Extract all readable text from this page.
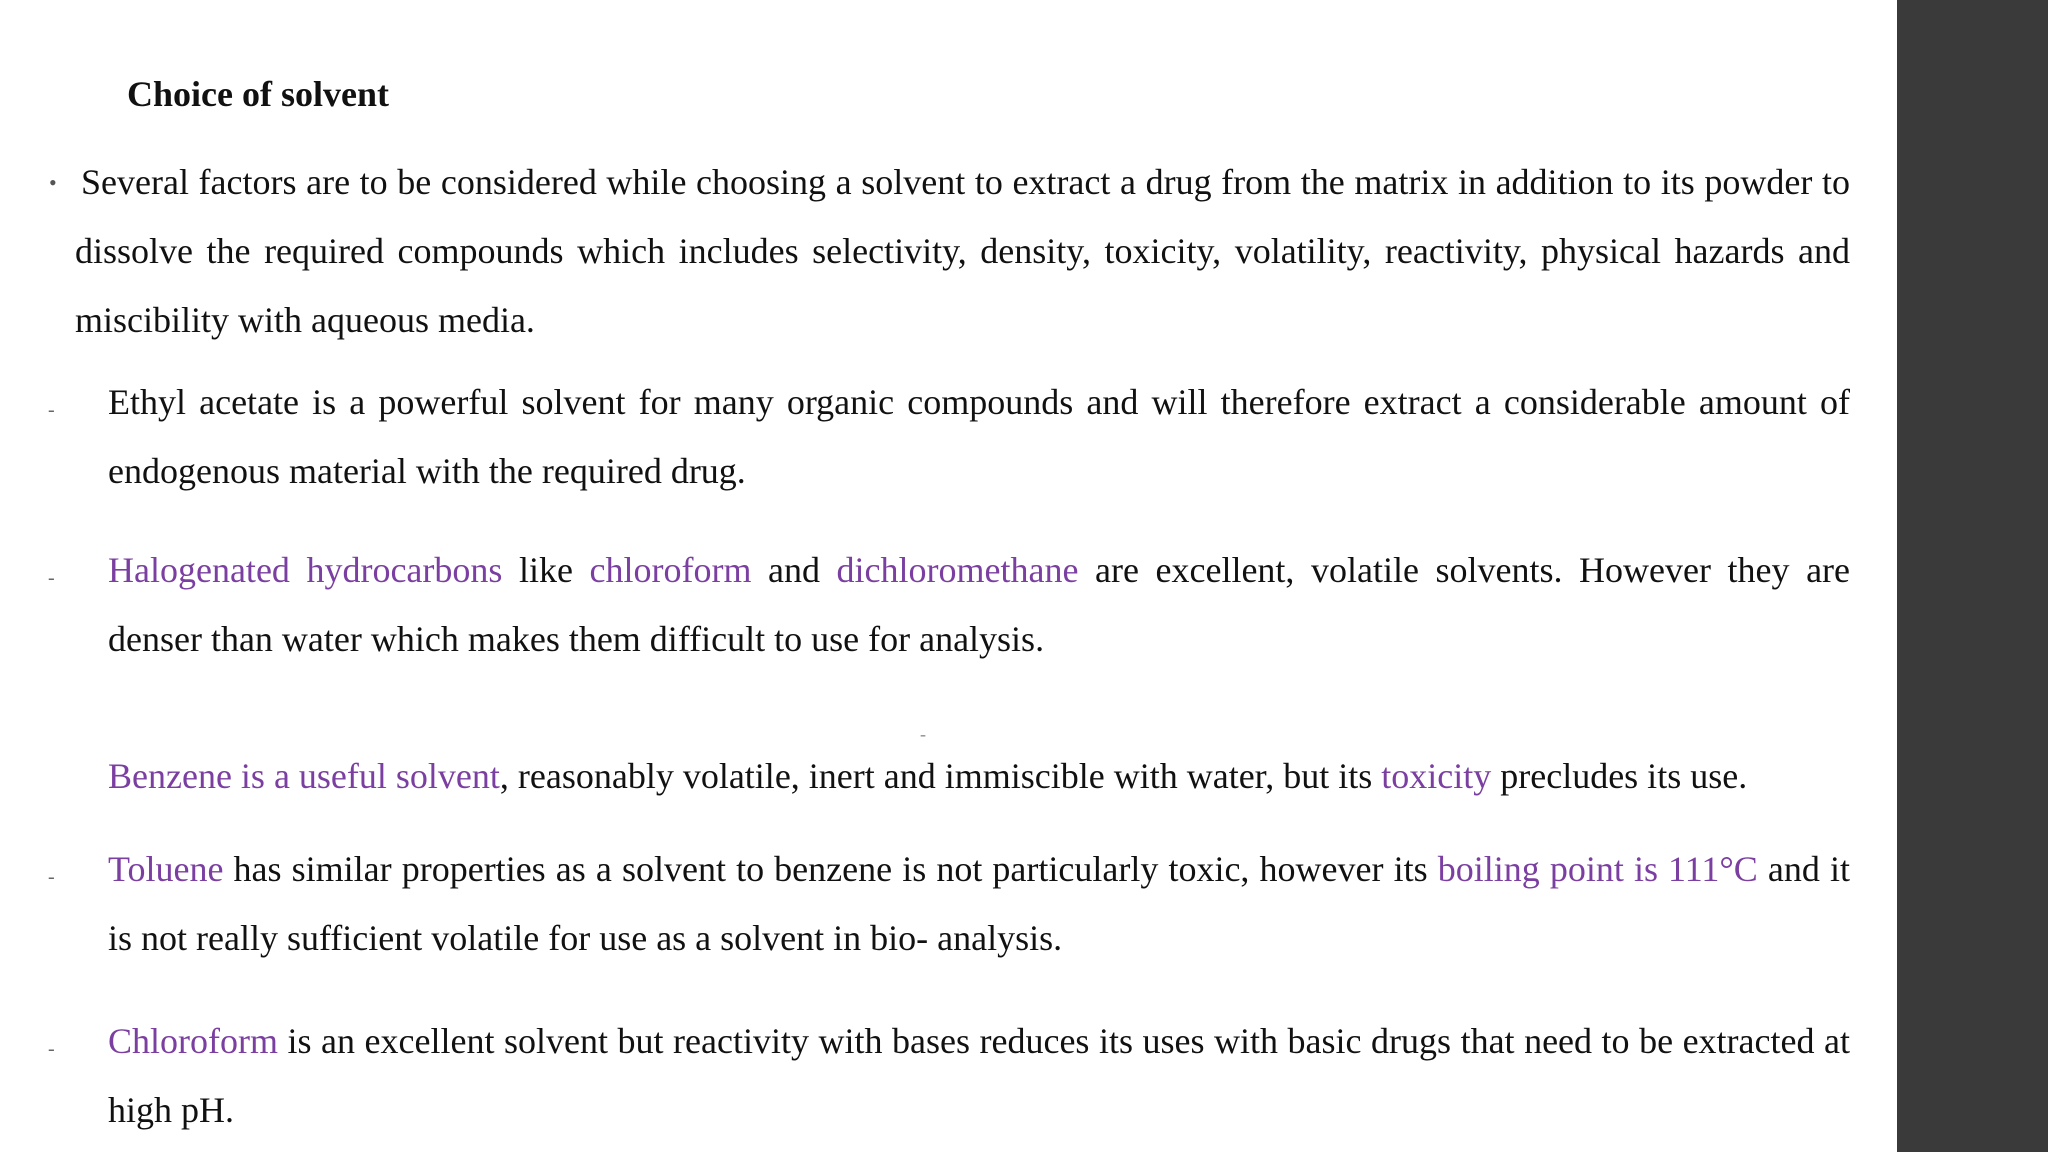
Choice of solvent
• Several factors are to be considered while choosing a solvent to extract a drug from the matrix in addition to its powder to dissolve the required compounds which includes selectivity, density, toxicity, volatility, reactivity, physical hazards and miscibility with aqueous media.

- Ethyl acetate is a powerful solvent for many organic compounds and will therefore extract a considerable amount of endogenous material with the required drug.

- Halogenated hydrocarbons like chloroform and dichloromethane are excellent, volatile solvents. However they are denser than water which makes them difficult to use for analysis.

-

Benzene is a useful solvent, reasonably volatile, inert and immiscible with water, but its toxicity precludes its use.

- Toluene has similar properties as a solvent to benzene is not particularly toxic, however its boiling point is 111°C and it is not really sufficient volatile for use as a solvent in bio- analysis.

- Chloroform is an excellent solvent but reactivity with bases reduces its uses with basic drugs that need to be extracted at high pH.
